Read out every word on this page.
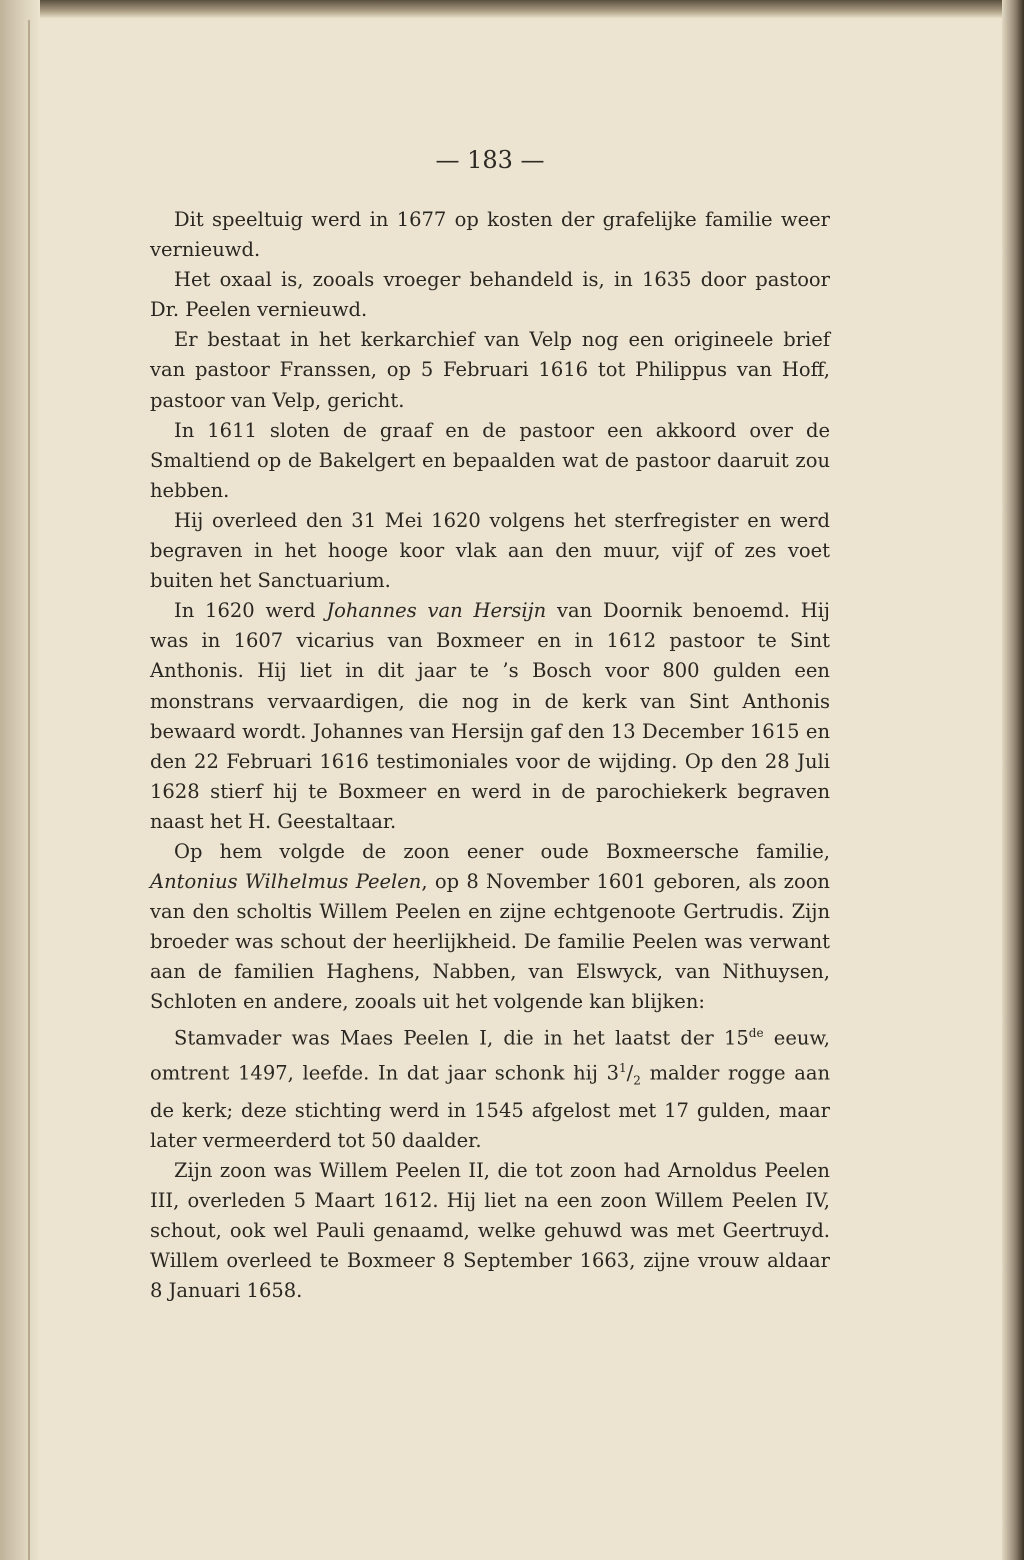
— 183 —

Dit speeltuig werd in 1677 op kosten der grafelijke familie weer vernieuwd.

Het oxaal is, zooals vroeger behandeld is, in 1635 door pastoor Dr. Peelen vernieuwd.

Er bestaat in het kerkarchief van Velp nog een origineele brief van pastoor Franssen, op 5 Februari 1616 tot Philippus van Hoff, pastoor van Velp, gericht.

In 1611 sloten de graaf en de pastoor een akkoord over de Smaltiend op de Bakelgert en bepaalden wat de pastoor daaruit zou hebben.

Hij overleed den 31 Mei 1620 volgens het sterfregister en werd begraven in het hooge koor vlak aan den muur, vijf of zes voet buiten het Sanctuarium.

In 1620 werd Johannes van Hersijn van Doornik benoemd. Hij was in 1607 vicarius van Boxmeer en in 1612 pastoor te Sint Anthonis. Hij liet in dit jaar te ’s Bosch voor 800 gulden een monstrans vervaardigen, die nog in de kerk van Sint Anthonis bewaard wordt. Johannes van Hersijn gaf den 13 December 1615 en den 22 Februari 1616 testimoniales voor de wijding. Op den 28 Juli 1628 stierf hij te Boxmeer en werd in de parochiekerk begraven naast het H. Geestaltaar.

Op hem volgde de zoon eener oude Boxmeersche familie, Antonius Wilhelmus Peelen, op 8 November 1601 geboren, als zoon van den scholtis Willem Peelen en zijne echtgenoote Gertrudis. Zijn broeder was schout der heerlijkheid. De familie Peelen was verwant aan de familien Haghens, Nabben, van Elswyck, van Nithuysen, Schloten en andere, zooals uit het volgende kan blijken:

Stamvader was Maes Peelen I, die in het laatst der 15de eeuw, omtrent 1497, leefde. In dat jaar schonk hij $3^1/_2$ malder rogge aan de kerk; deze stichting werd in 1545 afgelost met 17 gulden, maar later vermeerderd tot 50 daalder.

Zijn zoon was Willem Peelen II, die tot zoon had Arnoldus Peelen III, overleden 5 Maart 1612. Hij liet na een zoon Willem Peelen IV, schout, ook wel Pauli genaamd, welke gehuwd was met Geertruyd. Willem overleed te Boxmeer 8 September 1663, zijne vrouw aldaar 8 Januari 1658.
